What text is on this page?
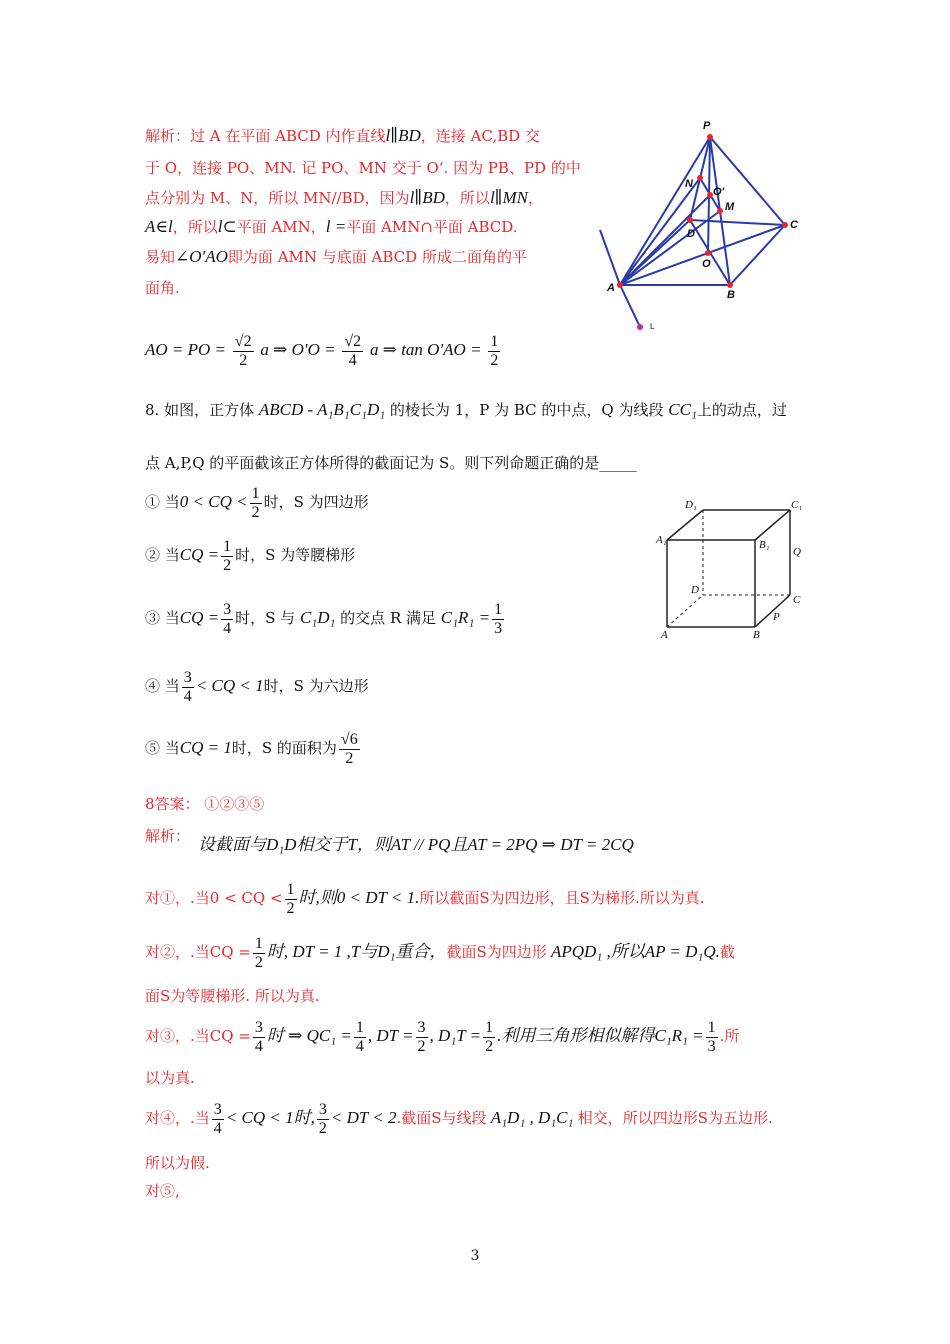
解析：过 A 在平面 ABCD 内作直线l∥BD，连接 AC,BD 交
于 O，连接 PO、MN. 记 PO、MN 交于 O‘. 因为 PB、PD 的中
点分别为 M、N，所以 MN//BD，因为l∥BD，所以l∥MN，
A∈l，所以l⊂平面 AMN，l =平面 AMN∩平面 ABCD.
易知∠O′AO即为面 AMN 与底面 ABCD 所成二面角的平
面角.
AO = PO = $\frac{√2}{2}$ a ⇒ $O'O = \frac{√2}{4}$ a ⇒ $\tan O'AO = \frac{1}{2}$
P
N
O′
M
C
D
O
A
B
L
8. 如图，正方体 ABCD - A₁B₁C₁D₁ 的棱长为 1，P 为 BC 的中点，Q 为线段 CC₁上的动点，过
点 A,P,Q 的平面截该正方体所得的截面记为 S。则下列命题正确的是_____
① 当0 < CQ < $\frac{1}{2}$ 时，S 为四边形
② 当CQ = $\frac{1}{2}$ 时，S 为等腰梯形
③ 当CQ = $\frac{3}{4}$ 时，S 与 C₁D₁ 的交点 R 满足 $C_1R_1 = \frac{1}{3}$
④ 当 $\frac{3}{4}$ < CQ < 1时，S 为六边形
⑤ 当CQ = 1时，S 的面积为 $\frac{√6}{2}$
D₁	C₁
A₁	B₁
Q
D
C
P
A	B
8答案： ①②③⑤
解析： 设截面与D₁D相交于T，则AT // PQ且AT = 2PQ ⇒ DT = 2CQ
对①，.当0 < CQ < $\frac{1}{2}$ 时,则0 < DT < 1.所以截面S为四边形，且S为梯形.所以为真.
对②，.当CQ = $\frac{1}{2}$ 时, DT = 1 ,T与D₁重合，截面S为四边形 APQD₁ ,所以AP = D₁Q.截
面S为等腰梯形. 所以为真.
对③，.当CQ = $\frac{3}{4}$ 时 ⇒ $QC_1 = \frac{1}{4}$ , DT = $\frac{3}{2}$ , $D_1T = \frac{1}{2}$ .利用三角形相似解得$C_1R_1 = \frac{1}{3}$ .所
以为真.
对④，.当 $\frac{3}{4}$ < CQ < 1时, $\frac{3}{2}$ < DT < 2.截面S与线段 A₁D₁ , D₁C₁ 相交，所以四边形S为五边形.
所以为假.
对⑤,
3
